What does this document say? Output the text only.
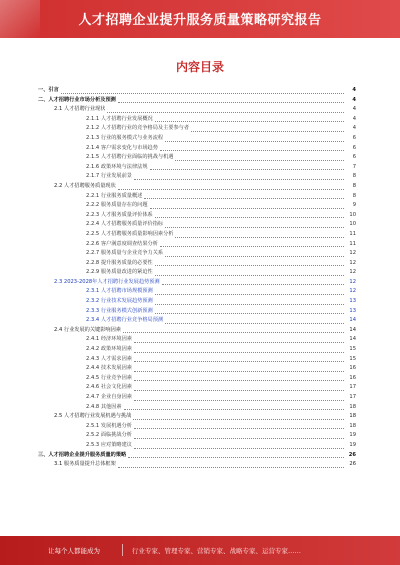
人才招聘企业提升服务质量策略研究报告
内容目录
一、引言	4
二、人才招聘行业市场分析及预测	4
2.1 人才招聘行业现状	4
2.1.1 人才招聘行业发展概况	4
2.1.2 人才招聘行业的竞争格局及主要参与者	4
2.1.3 行业的服务模式与业务流程	6
2.1.4 客户需求变化与市场趋势	6
2.1.5 人才招聘行业面临的挑战与机遇	6
2.1.6 政策环境与法律法规	7
2.1.7 行业发展前景	8
2.2 人才招聘服务质量现状	8
2.2.1 行业服务质量概述	8
2.2.2 服务质量存在的问题	9
2.2.3 人才服务质量评价体系	10
2.2.4 人才招聘服务质量评价指标	10
2.2.5 人才招聘服务质量影响因素分析	11
2.2.6 客户满意度调查结果分析	11
2.2.7 服务质量与企业竞争力关系	12
2.2.8 提升服务质量的必要性	12
2.2.9 服务质量改进的紧迫性	12
2.3 2023-2028年人才招聘行业发展趋势预测	12
2.3.1 人才招聘市场规模预测	12
2.3.2 行业技术发展趋势预测	13
2.3.3 行业服务模式创新预测	13
2.3.4 人才招聘行业竞争格局预测	14
2.4 行业发展的关键影响因素	14
2.4.1 经济环境因素	14
2.4.2 政策环境因素	15
2.4.3 人才需求因素	15
2.4.4 技术发展因素	16
2.4.5 行业竞争因素	16
2.4.6 社会文化因素	17
2.4.7 企业自身因素	17
2.4.8 其他因素	18
2.5 人才招聘行业发展机遇与挑战	18
2.5.1 发展机遇分析	18
2.5.2 面临挑战分析	19
2.5.3 应对策略建议	19
三、人才招聘企业提升服务质量的策略	26
3.1 服务质量提升总体框架	26
让每个人都能成为	行业专家、管理专家、营销专家、战略专家、运营专家……
